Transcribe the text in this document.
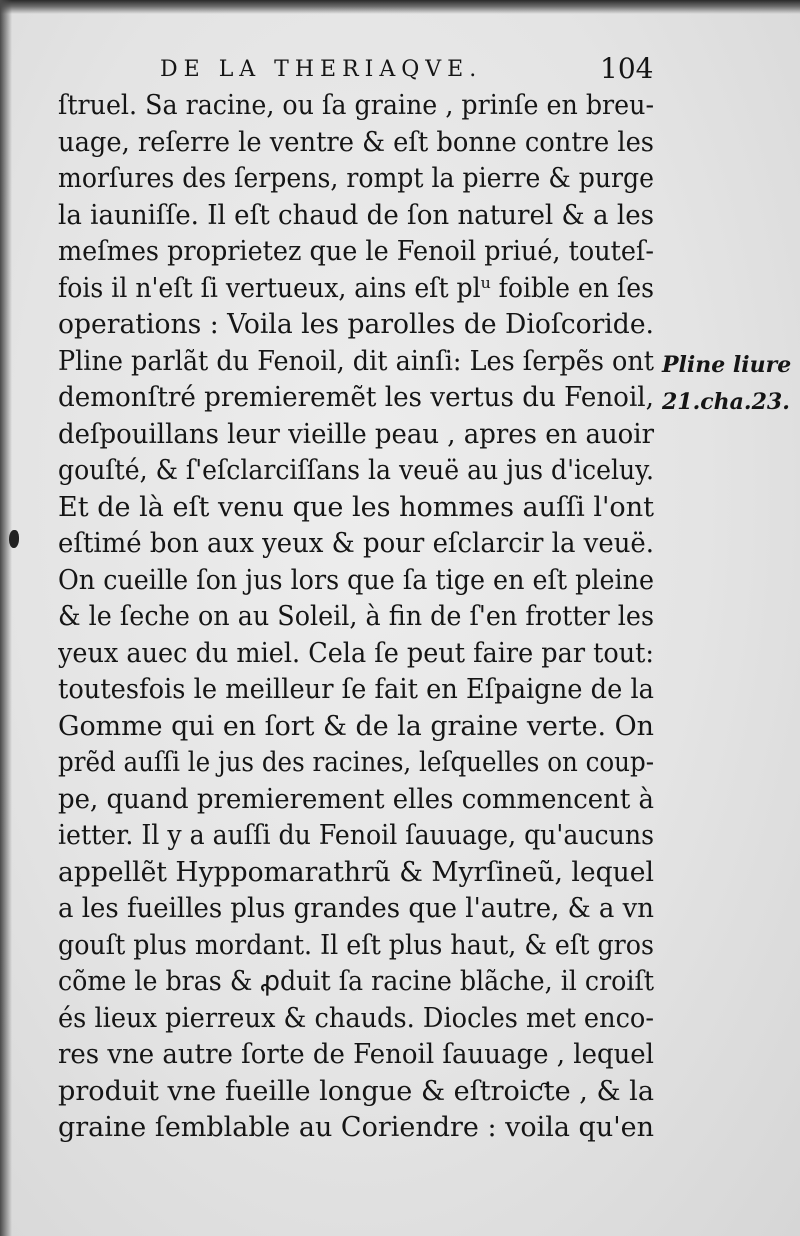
DE LA THERIAQVE.	104
ſtruel. Sa racine, ou ſa graine , prinſe en breu-
uage, reſerre le ventre & eſt bonne contre les
morſures des ſerpens, rompt la pierre & purge
la iauniſſe. Il eſt chaud de ſon naturel & a les
meſmes proprietez que le Fenoil priué, touteſ-
fois il n'eſt ſi vertueux, ains eſt plᵘ foible en ſes
operations : Voila les parolles de Dioſcoride.
Pline parlãt du Fenoil, dit ainſi: Les ſerpẽs ont
demonſtré premieremẽt les vertus du Fenoil,
deſpouillans leur vieille peau , apres en auoir
gouſté, & ſ'eſclarciſſans la veuë au jus d'iceluy.
Et de là eſt venu que les hommes auſſi l'ont
eſtimé bon aux yeux & pour eſclarcir la veuë.
On cueille ſon jus lors que ſa tige en eſt pleine
& le ſeche on au Soleil, à fin de ſ'en frotter les
yeux auec du miel. Cela ſe peut faire par tout:
toutesfois le meilleur ſe fait en Eſpaigne de la
Gomme qui en ſort & de la graine verte. On
prẽd auſſi le jus des racines, leſquelles on coup-
pe, quand premierement elles commencent à
ietter. Il y a auſſi du Fenoil ſauuage, qu'aucuns
appellẽt Hyppomarathrũ & Myrſineũ, lequel
a les fueilles plus grandes que l'autre, & a vn
gouſt plus mordant. Il eſt plus haut, & eſt gros
cõme le bras & ꝓduit ſa racine blãche, il croiſt
és lieux pierreux & chauds. Diocles met enco-
res vne autre ſorte de Fenoil ſauuage , lequel
produit vne fueille longue & eſtroiƈte , & la
graine ſemblable au Coriendre : voila qu'en
Pline liure
21.cha.23.
